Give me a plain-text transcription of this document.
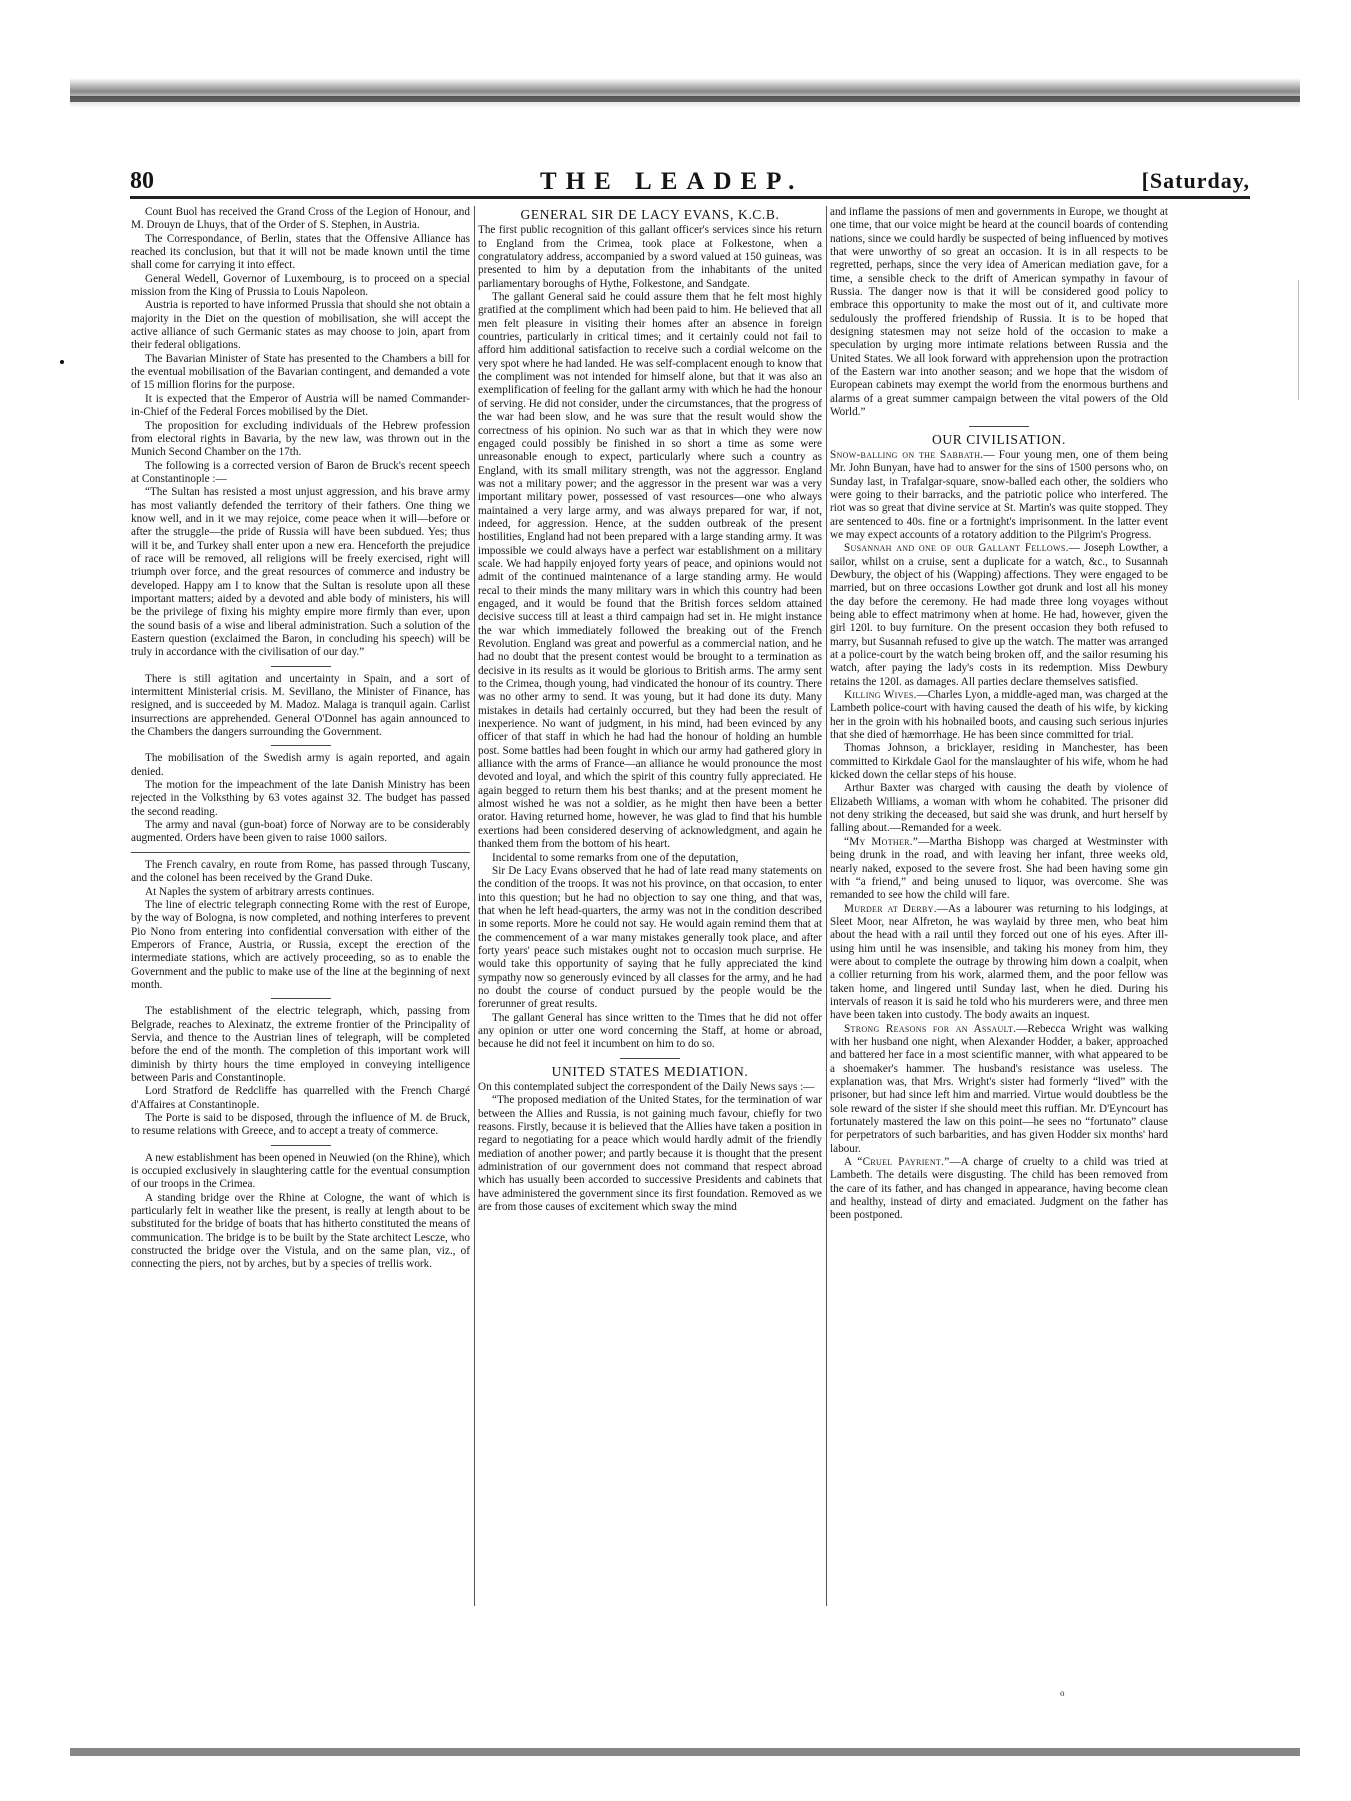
80	THE LEADEP.	[Saturday,

Count Buol has received the Grand Cross of the Legion of Honour, and M. Drouyn de Lhuys, that of the Order of S. Stephen, in Austria.

The Correspondance, of Berlin, states that the Offensive Alliance has reached its conclusion, but that it will not be made known until the time shall come for carrying it into effect.

General Wedell, Governor of Luxembourg, is to proceed on a special mission from the King of Prussia to Louis Napoleon.

Austria is reported to have informed Prussia that should she not obtain a majority in the Diet on the question of mobilisation, she will accept the active alliance of such Germanic states as may choose to join, apart from their federal obligations.

The Bavarian Minister of State has presented to the Chambers a bill for the eventual mobilisation of the Bavarian contingent, and demanded a vote of 15 million florins for the purpose.

It is expected that the Emperor of Austria will be named Commander-in-Chief of the Federal Forces mobilised by the Diet.

The proposition for excluding individuals of the Hebrew profession from electoral rights in Bavaria, by the new law, was thrown out in the Munich Second Chamber on the 17th.

The following is a corrected version of Baron de Bruck's recent speech at Constantinople :—

“The Sultan has resisted a most unjust aggression, and his brave army has most valiantly defended the territory of their fathers. One thing we know well, and in it we may rejoice, come peace when it will—before or after the struggle—the pride of Russia will have been subdued. Yes; thus will it be, and Turkey shall enter upon a new era. Henceforth the prejudice of race will be removed, all religions will be freely exercised, right will triumph over force, and the great resources of commerce and industry be developed. Happy am I to know that the Sultan is resolute upon all these important matters; aided by a devoted and able body of ministers, his will be the privilege of fixing his mighty empire more firmly than ever, upon the sound basis of a wise and liberal administration. Such a solution of the Eastern question (exclaimed the Baron, in concluding his speech) will be truly in accordance with the civilisation of our day.”

There is still agitation and uncertainty in Spain, and a sort of intermittent Ministerial crisis. M. Sevillano, the Minister of Finance, has resigned, and is succeeded by M. Madoz. Malaga is tranquil again. Carlist insurrections are apprehended. General O'Donnel has again announced to the Chambers the dangers surrounding the Government.

The mobilisation of the Swedish army is again reported, and again denied.

The motion for the impeachment of the late Danish Ministry has been rejected in the Volksthing by 63 votes against 32. The budget has passed the second reading.

The army and naval (gun-boat) force of Norway are to be considerably augmented. Orders have been given to raise 1000 sailors.

The French cavalry, en route from Rome, has passed through Tuscany, and the colonel has been received by the Grand Duke.

At Naples the system of arbitrary arrests continues.

The line of electric telegraph connecting Rome with the rest of Europe, by the way of Bologna, is now completed, and nothing interferes to prevent Pio Nono from entering into confidential conversation with either of the Emperors of France, Austria, or Russia, except the erection of the intermediate stations, which are actively proceeding, so as to enable the Government and the public to make use of the line at the beginning of next month.

The establishment of the electric telegraph, which, passing from Belgrade, reaches to Alexinatz, the extreme frontier of the Principality of Servia, and thence to the Austrian lines of telegraph, will be completed before the end of the month. The completion of this important work will diminish by thirty hours the time employed in conveying intelligence between Paris and Constantinople.

Lord Stratford de Redcliffe has quarrelled with the French Chargé d'Affaires at Constantinople.

The Porte is said to be disposed, through the influence of M. de Bruck, to resume relations with Greece, and to accept a treaty of commerce.

A new establishment has been opened in Neuwied (on the Rhine), which is occupied exclusively in slaughtering cattle for the eventual consumption of our troops in the Crimea.

A standing bridge over the Rhine at Cologne, the want of which is particularly felt in weather like the present, is really at length about to be substituted for the bridge of boats that has hitherto constituted the means of communication. The bridge is to be built by the State architect Lescze, who constructed the bridge over the Vistula, and on the same plan, viz., of connecting the piers, not by arches, but by a species of trellis work.

GENERAL SIR DE LACY EVANS, K.C.B.

The first public recognition of this gallant officer's services since his return to England from the Crimea, took place at Folkestone, when a congratulatory address, accompanied by a sword valued at 150 guineas, was presented to him by a deputation from the inhabitants of the united parliamentary boroughs of Hythe, Folkestone, and Sandgate.

The gallant General said he could assure them that he felt most highly gratified at the compliment which had been paid to him. He believed that all men felt pleasure in visiting their homes after an absence in foreign countries, particularly in critical times; and it certainly could not fail to afford him additional satisfaction to receive such a cordial welcome on the very spot where he had landed. He was self-complacent enough to know that the compliment was not intended for himself alone, but that it was also an exemplification of feeling for the gallant army with which he had the honour of serving. He did not consider, under the circumstances, that the progress of the war had been slow, and he was sure that the result would show the correctness of his opinion. No such war as that in which they were now engaged could possibly be finished in so short a time as some were unreasonable enough to expect, particularly where such a country as England, with its small military strength, was not the aggressor. England was not a military power; and the aggressor in the present war was a very important military power, possessed of vast resources—one who always maintained a very large army, and was always prepared for war, if not, indeed, for aggression. Hence, at the sudden outbreak of the present hostilities, England had not been prepared with a large standing army. It was impossible we could always have a perfect war establishment on a military scale. We had happily enjoyed forty years of peace, and opinions would not admit of the continued maintenance of a large standing army. He would recal to their minds the many military wars in which this country had been engaged, and it would be found that the British forces seldom attained decisive success till at least a third campaign had set in. He might instance the war which immediately followed the breaking out of the French Revolution. England was great and powerful as a commercial nation, and he had no doubt that the present contest would be brought to a termination as decisive in its results as it would be glorious to British arms. The army sent to the Crimea, though young, had vindicated the honour of its country. There was no other army to send. It was young, but it had done its duty. Many mistakes in details had certainly occurred, but they had been the result of inexperience. No want of judgment, in his mind, had been evinced by any officer of that staff in which he had had the honour of holding an humble post. Some battles had been fought in which our army had gathered glory in alliance with the arms of France—an alliance he would pronounce the most devoted and loyal, and which the spirit of this country fully appreciated. He again begged to return them his best thanks; and at the present moment he almost wished he was not a soldier, as he might then have been a better orator. Having returned home, however, he was glad to find that his humble exertions had been considered deserving of acknowledgment, and again he thanked them from the bottom of his heart.

Incidental to some remarks from one of the deputation,

Sir De Lacy Evans observed that he had of late read many statements on the condition of the troops. It was not his province, on that occasion, to enter into this question; but he had no objection to say one thing, and that was, that when he left head-quarters, the army was not in the condition described in some reports. More he could not say. He would again remind them that at the commencement of a war many mistakes generally took place, and after forty years' peace such mistakes ought not to occasion much surprise. He would take this opportunity of saying that he fully appreciated the kind sympathy now so generously evinced by all classes for the army, and he had no doubt the course of conduct pursued by the people would be the forerunner of great results.

The gallant General has since written to the Times that he did not offer any opinion or utter one word concerning the Staff, at home or abroad, because he did not feel it incumbent on him to do so.

UNITED STATES MEDIATION.

On this contemplated subject the correspondent of the Daily News says :—

“The proposed mediation of the United States, for the termination of war between the Allies and Russia, is not gaining much favour, chiefly for two reasons. Firstly, because it is believed that the Allies have taken a position in regard to negotiating for a peace which would hardly admit of the friendly mediation of another power; and partly because it is thought that the present administration of our government does not command that respect abroad which has usually been accorded to successive Presidents and cabinets that have administered the government since its first foundation. Removed as we are from those causes of excitement which sway the mind

and inflame the passions of men and governments in Europe, we thought at one time, that our voice might be heard at the council boards of contending nations, since we could hardly be suspected of being influenced by motives that were unworthy of so great an occasion. It is in all respects to be regretted, perhaps, since the very idea of American mediation gave, for a time, a sensible check to the drift of American sympathy in favour of Russia. The danger now is that it will be considered good policy to embrace this opportunity to make the most out of it, and cultivate more sedulously the proffered friendship of Russia. It is to be hoped that designing statesmen may not seize hold of the occasion to make a speculation by urging more intimate relations between Russia and the United States. We all look forward with apprehension upon the protraction of the Eastern war into another season; and we hope that the wisdom of European cabinets may exempt the world from the enormous burthens and alarms of a great summer campaign between the vital powers of the Old World.”

OUR CIVILISATION.

Snow-balling on the Sabbath.— Four young men, one of them being Mr. John Bunyan, have had to answer for the sins of 1500 persons who, on Sunday last, in Trafalgar-square, snow-balled each other, the soldiers who were going to their barracks, and the patriotic police who interfered. The riot was so great that divine service at St. Martin's was quite stopped. They are sentenced to 40s. fine or a fortnight's imprisonment. In the latter event we may expect accounts of a rotatory addition to the Pilgrim's Progress.

Susannah and one of our Gallant Fellows.— Joseph Lowther, a sailor, whilst on a cruise, sent a duplicate for a watch, &c., to Susannah Dewbury, the object of his (Wapping) affections. They were engaged to be married, but on three occasions Lowther got drunk and lost all his money the day before the ceremony. He had made three long voyages without being able to effect matrimony when at home. He had, however, given the girl 120l. to buy furniture. On the present occasion they both refused to marry, but Susannah refused to give up the watch. The matter was arranged at a police-court by the watch being broken off, and the sailor resuming his watch, after paying the lady's costs in its redemption. Miss Dewbury retains the 120l. as damages. All parties declare themselves satisfied.

Killing Wives.—Charles Lyon, a middle-aged man, was charged at the Lambeth police-court with having caused the death of his wife, by kicking her in the groin with his hobnailed boots, and causing such serious injuries that she died of hæmorrhage. He has been since committed for trial.

Thomas Johnson, a bricklayer, residing in Manchester, has been committed to Kirkdale Gaol for the manslaughter of his wife, whom he had kicked down the cellar steps of his house.

Arthur Baxter was charged with causing the death by violence of Elizabeth Williams, a woman with whom he cohabited. The prisoner did not deny striking the deceased, but said she was drunk, and hurt herself by falling about.—Remanded for a week.

“My Mother.”—Martha Bishopp was charged at Westminster with being drunk in the road, and with leaving her infant, three weeks old, nearly naked, exposed to the severe frost. She had been having some gin with “a friend,” and being unused to liquor, was overcome. She was remanded to see how the child will fare.

Murder at Derby.—As a labourer was returning to his lodgings, at Sleet Moor, near Alfreton, he was waylaid by three men, who beat him about the head with a rail until they forced out one of his eyes. After ill-using him until he was insensible, and taking his money from him, they were about to complete the outrage by throwing him down a coalpit, when a collier returning from his work, alarmed them, and the poor fellow was taken home, and lingered until Sunday last, when he died. During his intervals of reason it is said he told who his murderers were, and three men have been taken into custody. The body awaits an inquest.

Strong Reasons for an Assault.—Rebecca Wright was walking with her husband one night, when Alexander Hodder, a baker, approached and battered her face in a most scientific manner, with what appeared to be a shoemaker's hammer. The husband's resistance was useless. The explanation was, that Mrs. Wright's sister had formerly “lived” with the prisoner, but had since left him and married. Virtue would doubtless be the sole reward of the sister if she should meet this ruffian. Mr. D'Eyncourt has fortunately mastered the law on this point—he sees no “fortunato” clause for perpetrators of such barbarities, and has given Hodder six months' hard labour.

A “Cruel Payrient.”—A charge of cruelty to a child was tried at Lambeth. The details were disgusting. The child has been removed from the care of its father, and has changed in appearance, having become clean and healthy, instead of dirty and emaciated. Judgment on the father has been postponed.

o
